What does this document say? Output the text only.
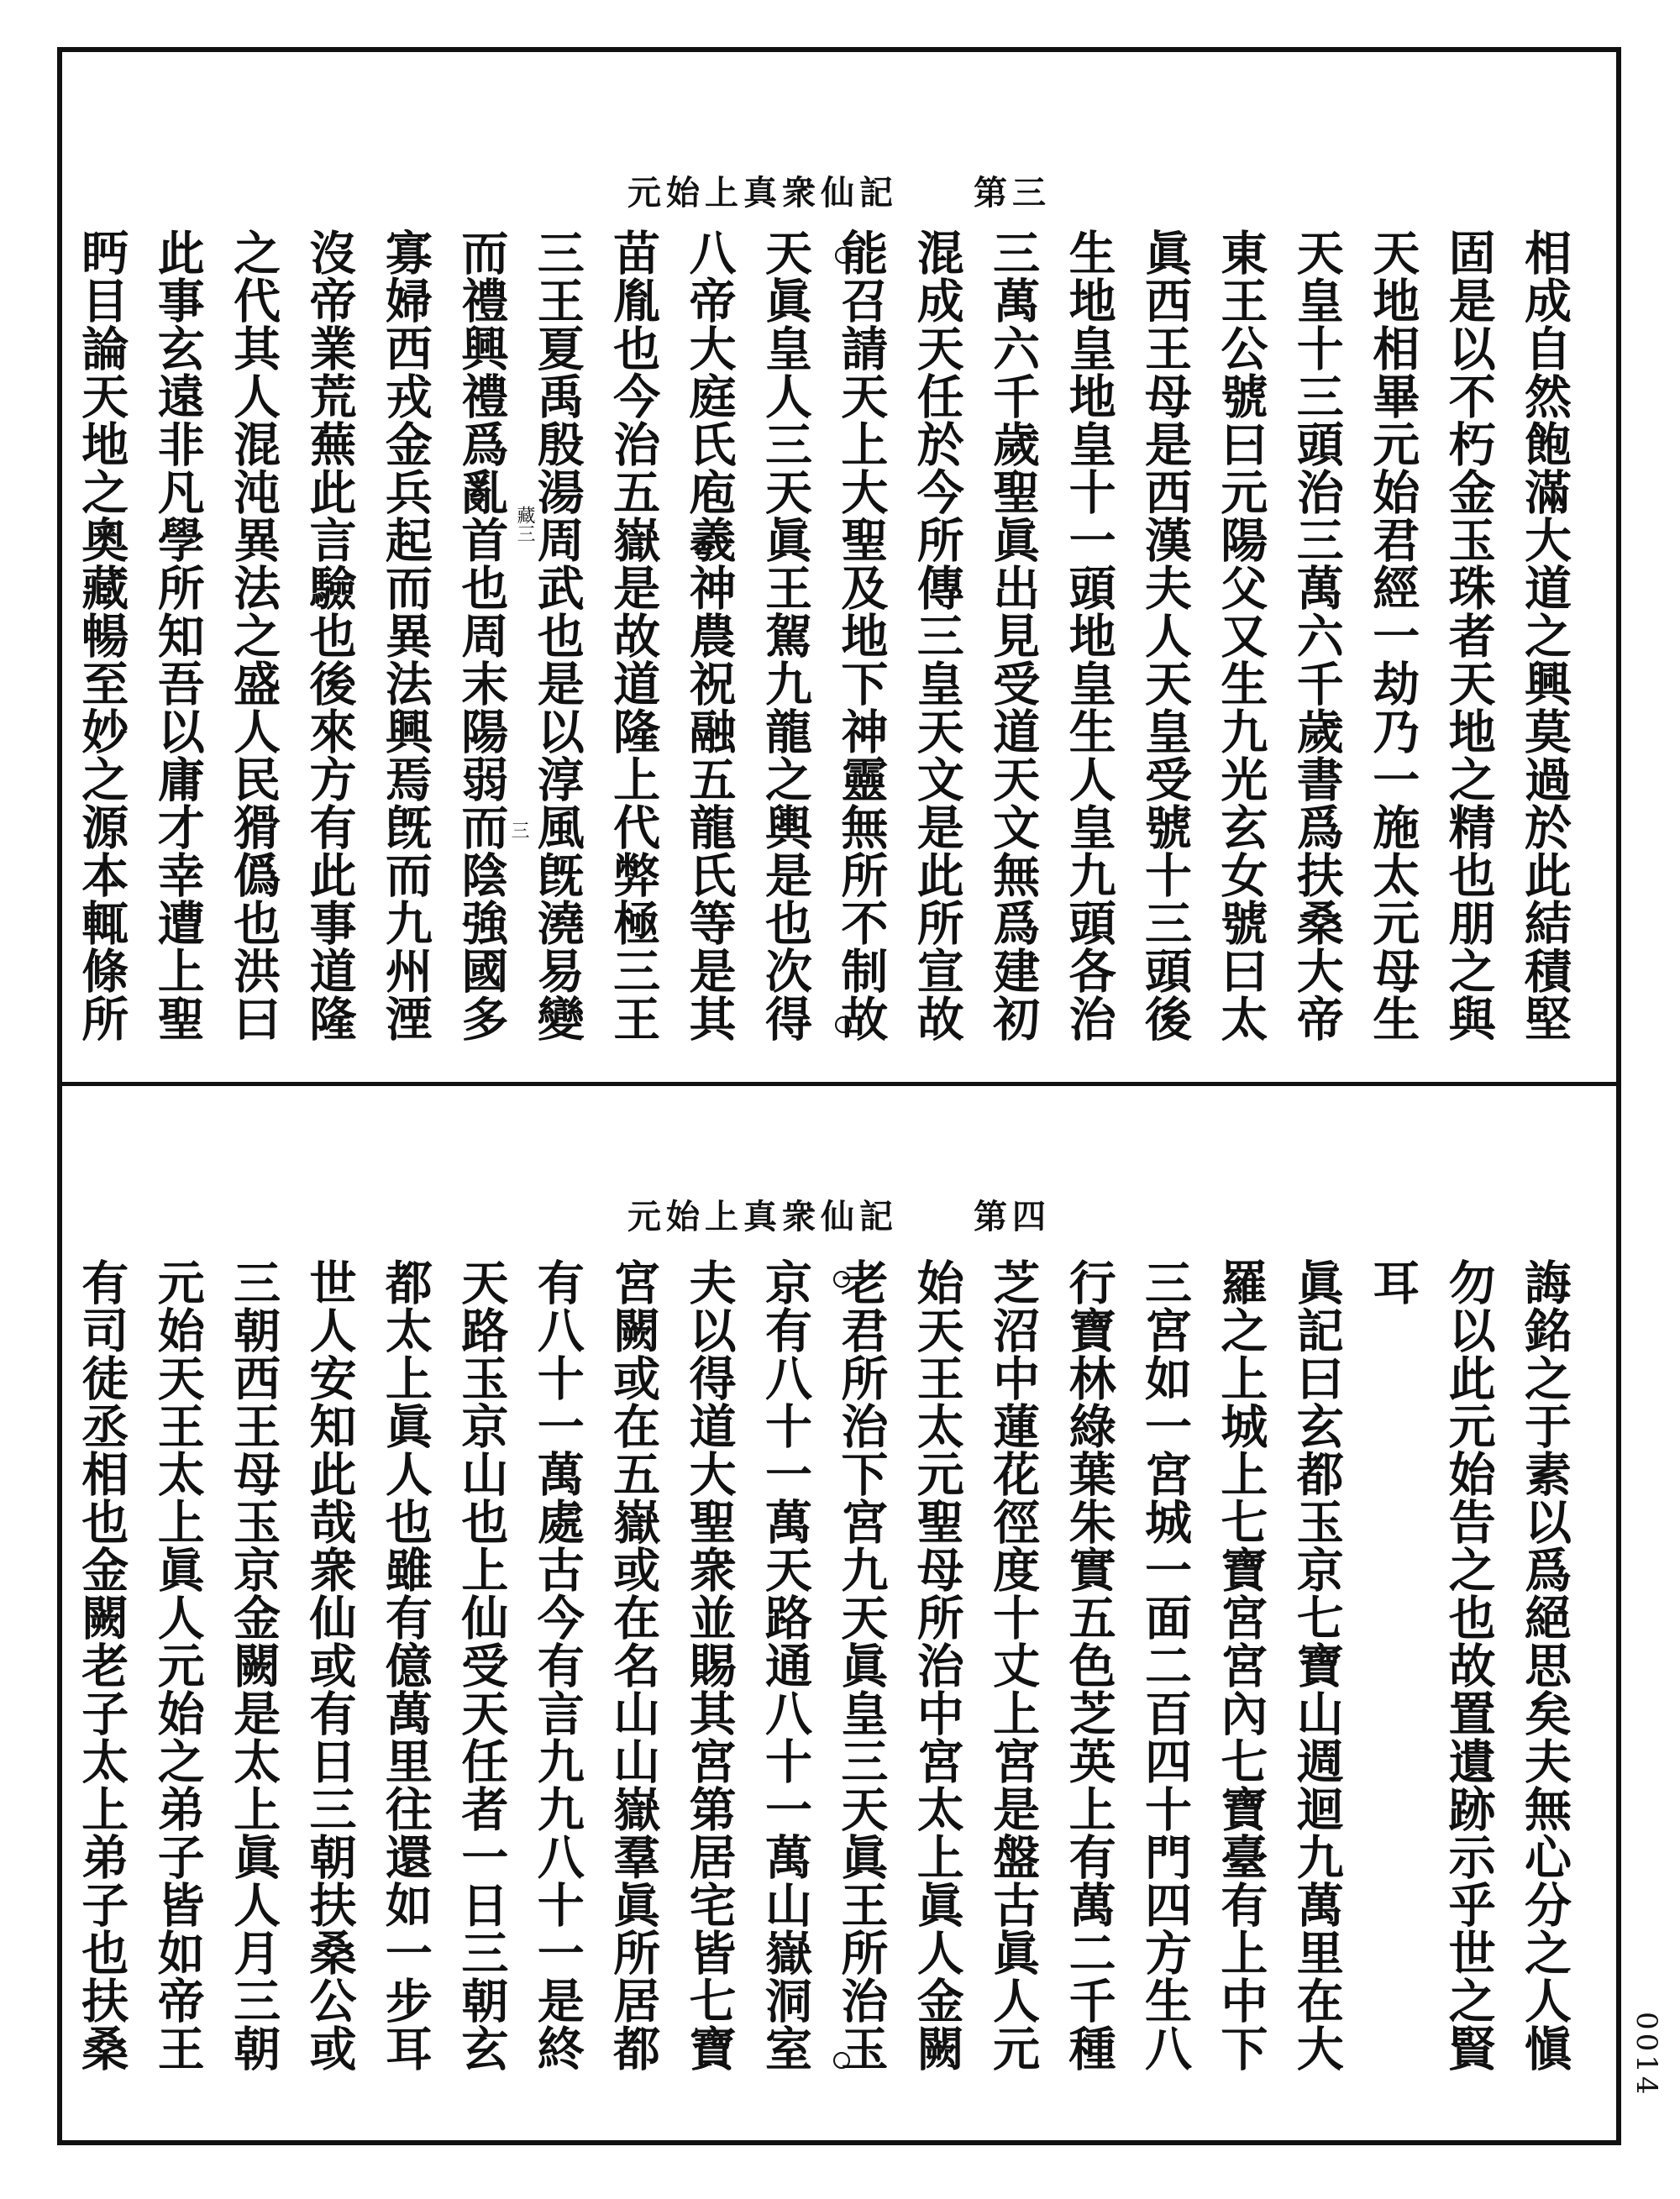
元始上真衆仙記 第三
相成自然飽滿大道之興莫過於此結積堅
固是以不朽金玉珠者天地之精也朋之與
天地相畢元始君經一劫乃一施太元母生
天皇十三頭治三萬六千歲書爲扶桑大帝
東王公號曰元陽父又生九光玄女號曰太
眞西王母是西漢夫人天皇受號十三頭後
生地皇地皇十一頭地皇生人皇九頭各治
三萬六千歲聖眞出見受道天文無爲建初
混成天任於今所傳三皇天文是此所宣故
能召請天上大聖及地下神靈無所不制故
天眞皇人三天眞王駕九龍之輿是也次得
八帝大庭氏庖羲神農祝融五龍氏等是其
苗胤也今治五嶽是故道隆上代弊極三王
三王夏禹殷湯周武也是以淳風旣澆易變
而禮興禮爲亂首也周末陽弱而陰強國多
寡婦西戎金兵起而異法興焉旣而九州湮
沒帝業荒蕪此言驗也後來方有此事道隆
之代其人混沌異法之盛人民猾僞也洪曰
此事玄遠非凡學所知吾以庸才幸遭上聖
眄目論天地之奧藏暢至妙之源本輒條所	藏三
三
元始上真衆仙記 第四
誨銘之于素以爲絕思矣夫無心分之人愼
勿以此元始告之也故置遺跡示乎世之賢
耳
眞記曰玄都玉京七寶山週迴九萬里在大
羅之上城上七寶宮宮內七寶臺有上中下
三宮如一宮城一面二百四十門四方生八
行寶林綠葉朱實五色芝英上有萬二千種
芝沼中蓮花徑度十丈上宮是盤古眞人元
始天王太元聖母所治中宮太上眞人金闕
老君所治下宮九天眞皇三天眞王所治玉
京有八十一萬天路通八十一萬山嶽洞室
夫以得道大聖衆並賜其宮第居宅皆七寶
宮闕或在五嶽或在名山山嶽羣眞所居都
有八十一萬處古今有言九九八十一是終
天路玉京山也上仙受天任者一日三朝玄
都太上眞人也雖有億萬里往還如一步耳
世人安知此哉衆仙或有日三朝扶桑公或
三朝西王母玉京金闕是太上眞人月三朝
元始天王太上眞人元始之弟子皆如帝王
有司徒丞相也金闕老子太上弟子也扶桑	0014
